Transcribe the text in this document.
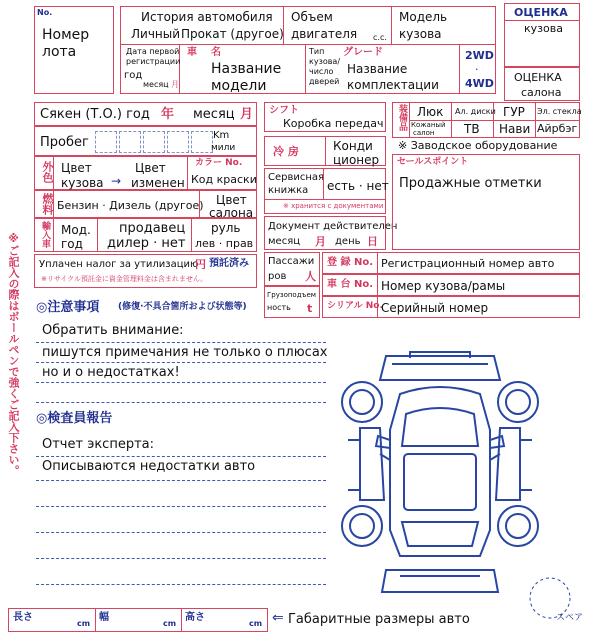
No.
Номер
лота
История автомобиля
Личный Прокат (другое)
Объем
двигателя c.c.
Модель
кузова
Дата первой
регистрации
год
месяц 月
車 名
Название
модели
Тип
кузова/
число
дверей
グレード
Название
комплектации
2WD
·
4WD
ОЦЕНКА
кузова
ОЦЕНКА
салона
Сякен (Т.О.) год 年 месяц 月
Пробег	Km
мили
外色 Цвет
кузова →
Цвет
изменен
カラー No.
Код краски
燃料 Бензин · Дизель (другое) Цвет
салона
輸入車 Мод.
год
продавец
дилер · нет
руль
лев · прав
Уплачен налог за утилизацию
円 預託済み
※リサイクル預託金に資金管理料金は含まれません。
シフト
Коробка передач
冷 房	Конди
ционер
Сервисная
книжка есть · нет
※ хранится с документами
Документ действителен
месяц 月 день 日
装備品 Люк Ал. диски ГУР Эл. стекла
Кожаный
салон ТВ Нави Айрбэг
※ Заводское оборудование
セールスポイント
Продажные отметки
Пассажи
ров 人
Грузоподъем
ность t
登 録 No. Регистрационный номер авто
車 台 No. Номер кузова/рамы
シリアル No.
Серийный номер
※ご記入の際はボールペンで強くご記入下さい。 ◎注意事項 (修復·不具合箇所および状態等)
Обратить внимание:
пишутся примечания не только о плюсах
но и о недостатках!
◎検査員報告
Отчет эксперта:
Описываются недостатки авто
スペア
長さ
cm
幅
cm
高さ
cm ⇐ Габаритные размеры авто
